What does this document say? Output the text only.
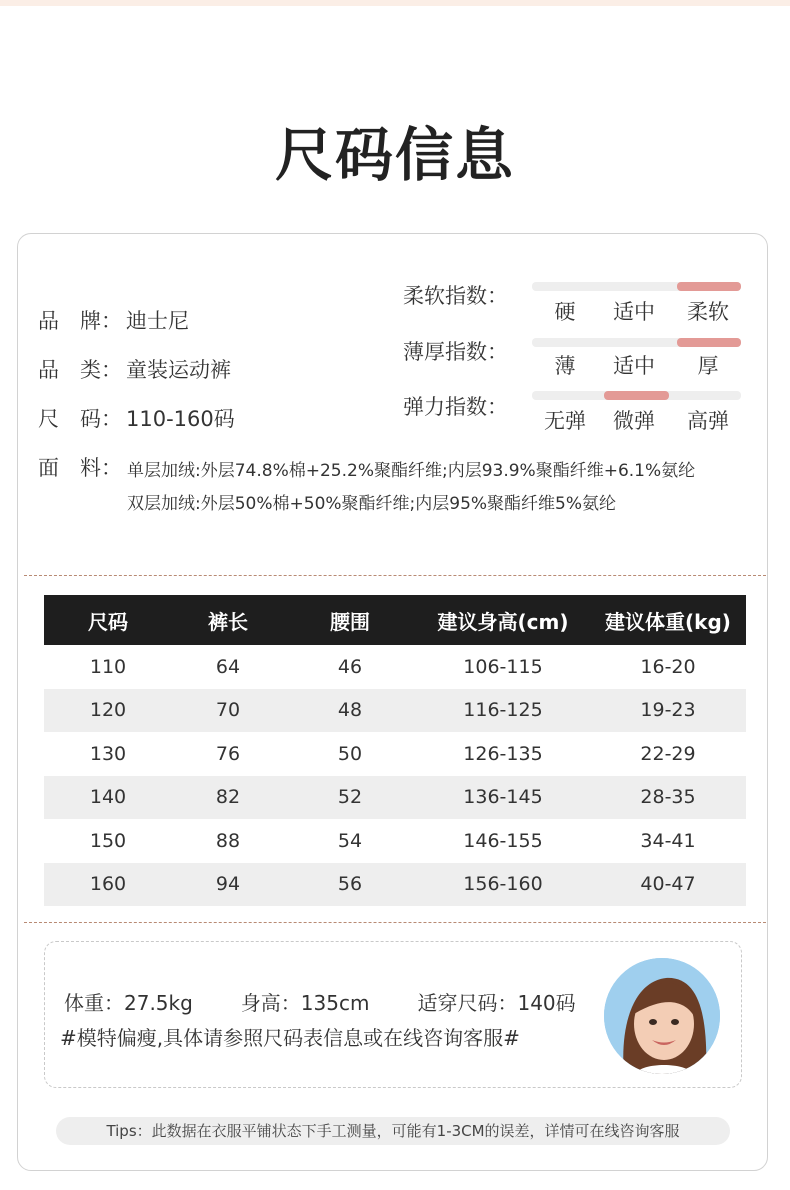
尺码信息
品　牌： 迪士尼
品　类： 童装运动裤
尺　码： 110-160码
面　料： 单层加绒:外层74.8%棉+25.2%聚酯纤维;内层93.9%聚酯纤维+6.1%氨纶
双层加绒:外层50%棉+50%聚酯纤维;内层95%聚酯纤维5%氨纶
柔软指数：
硬	适中	柔软
薄厚指数：
薄	适中	厚
弹力指数：
无弹	微弹	高弹
尺码	裤长	腰围	建议身高(cm)	建议体重(kg)
110	64	46	106-115	16-20
120	70	48	116-125	19-23
130	76	50	126-135	22-29
140	82	52	136-145	28-35
150	88	54	146-155	34-41
160	94	56	156-160	40-47
体重：27.5kg 身高：135cm 适穿尺码：140码
#模特偏瘦,具体请参照尺码表信息或在线咨询客服#
Tips：此数据在衣服平铺状态下手工测量，可能有1-3CM的误差，详情可在线咨询客服
